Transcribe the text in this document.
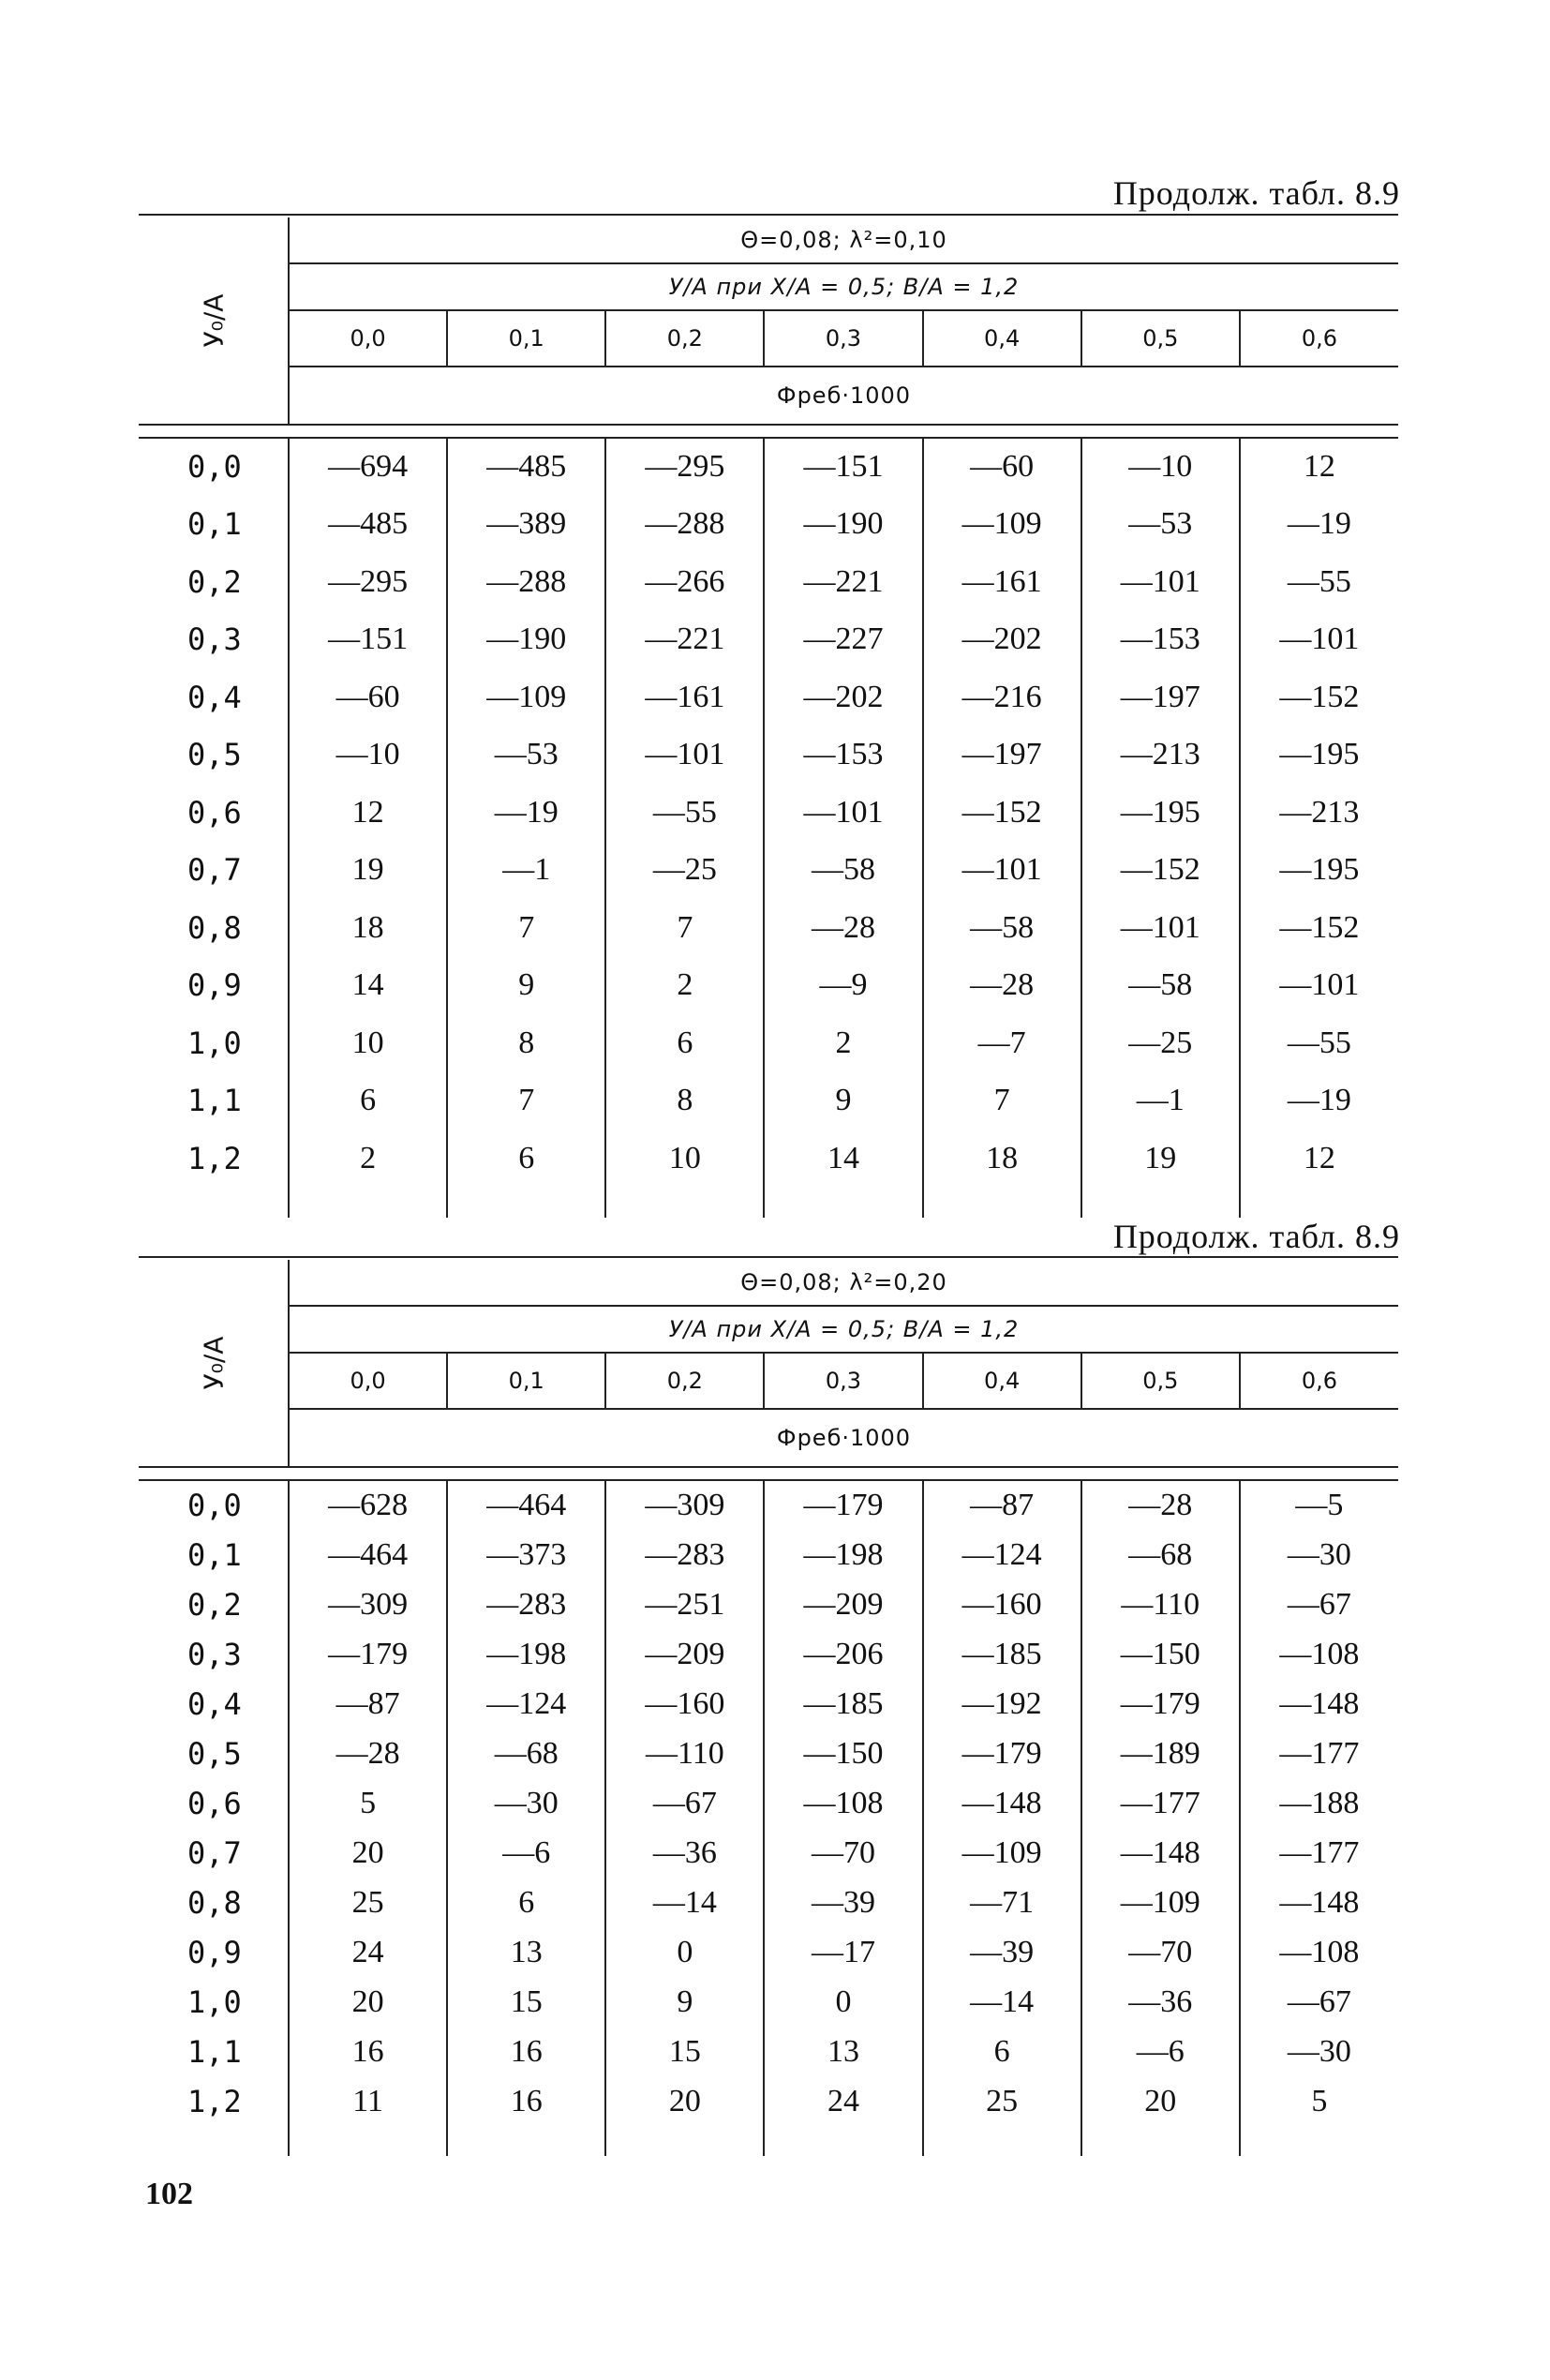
Продолж. табл. 8.9

У₀/А	Θ=0,08; λ²=0,10						
	У/А при Х/А = 0,5; В/А = 1,2						
	0,0	0,1	0,2	0,3	0,4	0,5	0,6
	Фреб·1000						

0,0	—694	—485	—295	—151	—60	—10	12
0,1	—485	—389	—288	—190	—109	—53	—19
0,2	—295	—288	—266	—221	—161	—101	—55
0,3	—151	—190	—221	—227	—202	—153	—101
0,4	—60	—109	—161	—202	—216	—197	—152
0,5	—10	—53	—101	—153	—197	—213	—195
0,6	12	—19	—55	—101	—152	—195	—213
0,7	19	—1	—25	—58	—101	—152	—195
0,8	18	7	7	—28	—58	—101	—152
0,9	14	9	2	—9	—28	—58	—101
1,0	10	8	6	2	—7	—25	—55
1,1	6	7	8	9	7	—1	—19
1,2	2	6	10	14	18	19	12

Продолж. табл. 8.9

У₀/А	Θ=0,08; λ²=0,20						
	У/А при Х/А = 0,5; В/А = 1,2						
	0,0	0,1	0,2	0,3	0,4	0,5	0,6
	Фреб·1000						

0,0	—628	—464	—309	—179	—87	—28	—5
0,1	—464	—373	—283	—198	—124	—68	—30
0,2	—309	—283	—251	—209	—160	—110	—67
0,3	—179	—198	—209	—206	—185	—150	—108
0,4	—87	—124	—160	—185	—192	—179	—148
0,5	—28	—68	—110	—150	—179	—189	—177
0,6	5	—30	—67	—108	—148	—177	—188
0,7	20	—6	—36	—70	—109	—148	—177
0,8	25	6	—14	—39	—71	—109	—148
0,9	24	13	0	—17	—39	—70	—108
1,0	20	15	9	0	—14	—36	—67
1,1	16	16	15	13	6	—6	—30
1,2	11	16	20	24	25	20	5

102
